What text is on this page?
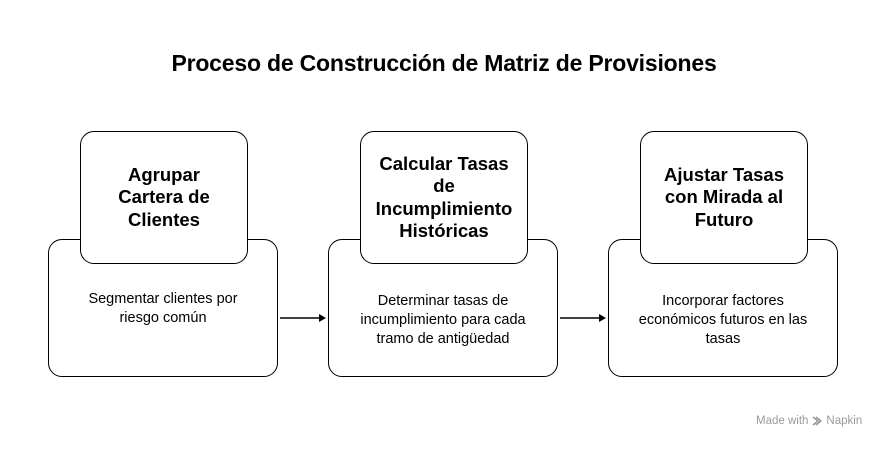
Proceso de Construcción de Matriz de Provisiones
Segmentar clientes por riesgo común
Agrupar
Cartera de
Clientes
Determinar tasas de incumplimiento para cada tramo de antigüedad
Calcular Tasas
de
Incumplimiento
Históricas
Incorporar factores económicos futuros en las tasas
Ajustar Tasas
con Mirada al
Futuro
Made with Napkin
